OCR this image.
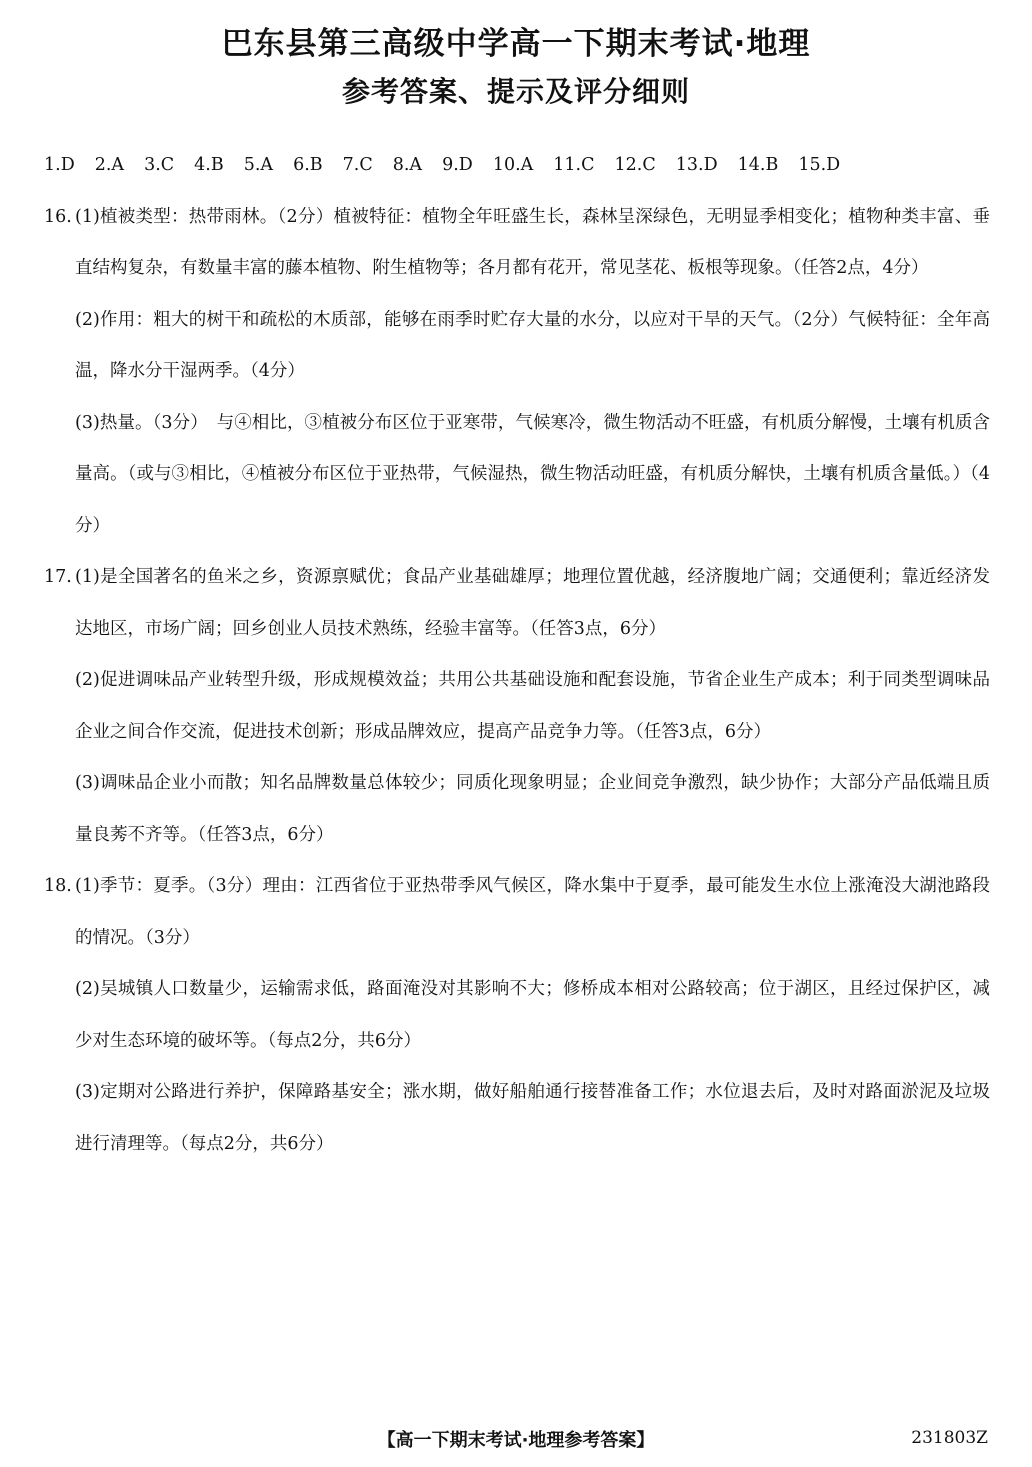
巴东县第三高级中学高一下期末考试·地理
参考答案、提示及评分细则
1.D 2.A 3.C 4.B 5.A 6.B 7.C 8.A 9.D 10.A 11.C 12.C 13.D 14.B 15.D
16. (1)植被类型：热带雨林。（2分）植被特征：植物全年旺盛生长，森林呈深绿色，无明显季相变化；植物种类丰富、垂直结构复杂，有数量丰富的藤本植物、附生植物等；各月都有花开，常见茎花、板根等现象。（任答2点，4分）
(2)作用：粗大的树干和疏松的木质部，能够在雨季时贮存大量的水分，以应对干旱的天气。（2分）气候特征：全年高温，降水分干湿两季。（4分）
(3)热量。（3分）　与④相比，③植被分布区位于亚寒带，气候寒冷，微生物活动不旺盛，有机质分解慢，土壤有机质含量高。（或与③相比，④植被分布区位于亚热带，气候湿热，微生物活动旺盛，有机质分解快，土壤有机质含量低。）（4分）
17. (1)是全国著名的鱼米之乡，资源禀赋优；食品产业基础雄厚；地理位置优越，经济腹地广阔；交通便利；靠近经济发达地区，市场广阔；回乡创业人员技术熟练，经验丰富等。（任答3点，6分）
(2)促进调味品产业转型升级，形成规模效益；共用公共基础设施和配套设施，节省企业生产成本；利于同类型调味品企业之间合作交流，促进技术创新；形成品牌效应，提高产品竞争力等。（任答3点，6分）
(3)调味品企业小而散；知名品牌数量总体较少；同质化现象明显；企业间竞争激烈，缺少协作；大部分产品低端且质量良莠不齐等。（任答3点，6分）
18. (1)季节：夏季。（3分）理由：江西省位于亚热带季风气候区，降水集中于夏季，最可能发生水位上涨淹没大湖池路段的情况。（3分）
(2)吴城镇人口数量少，运输需求低，路面淹没对其影响不大；修桥成本相对公路较高；位于湖区，且经过保护区，减少对生态环境的破坏等。（每点2分，共6分）
(3)定期对公路进行养护，保障路基安全；涨水期，做好船舶通行接替准备工作；水位退去后，及时对路面淤泥及垃圾进行清理等。（每点2分，共6分）
【高一下期末考试·地理参考答案】	231803Z
